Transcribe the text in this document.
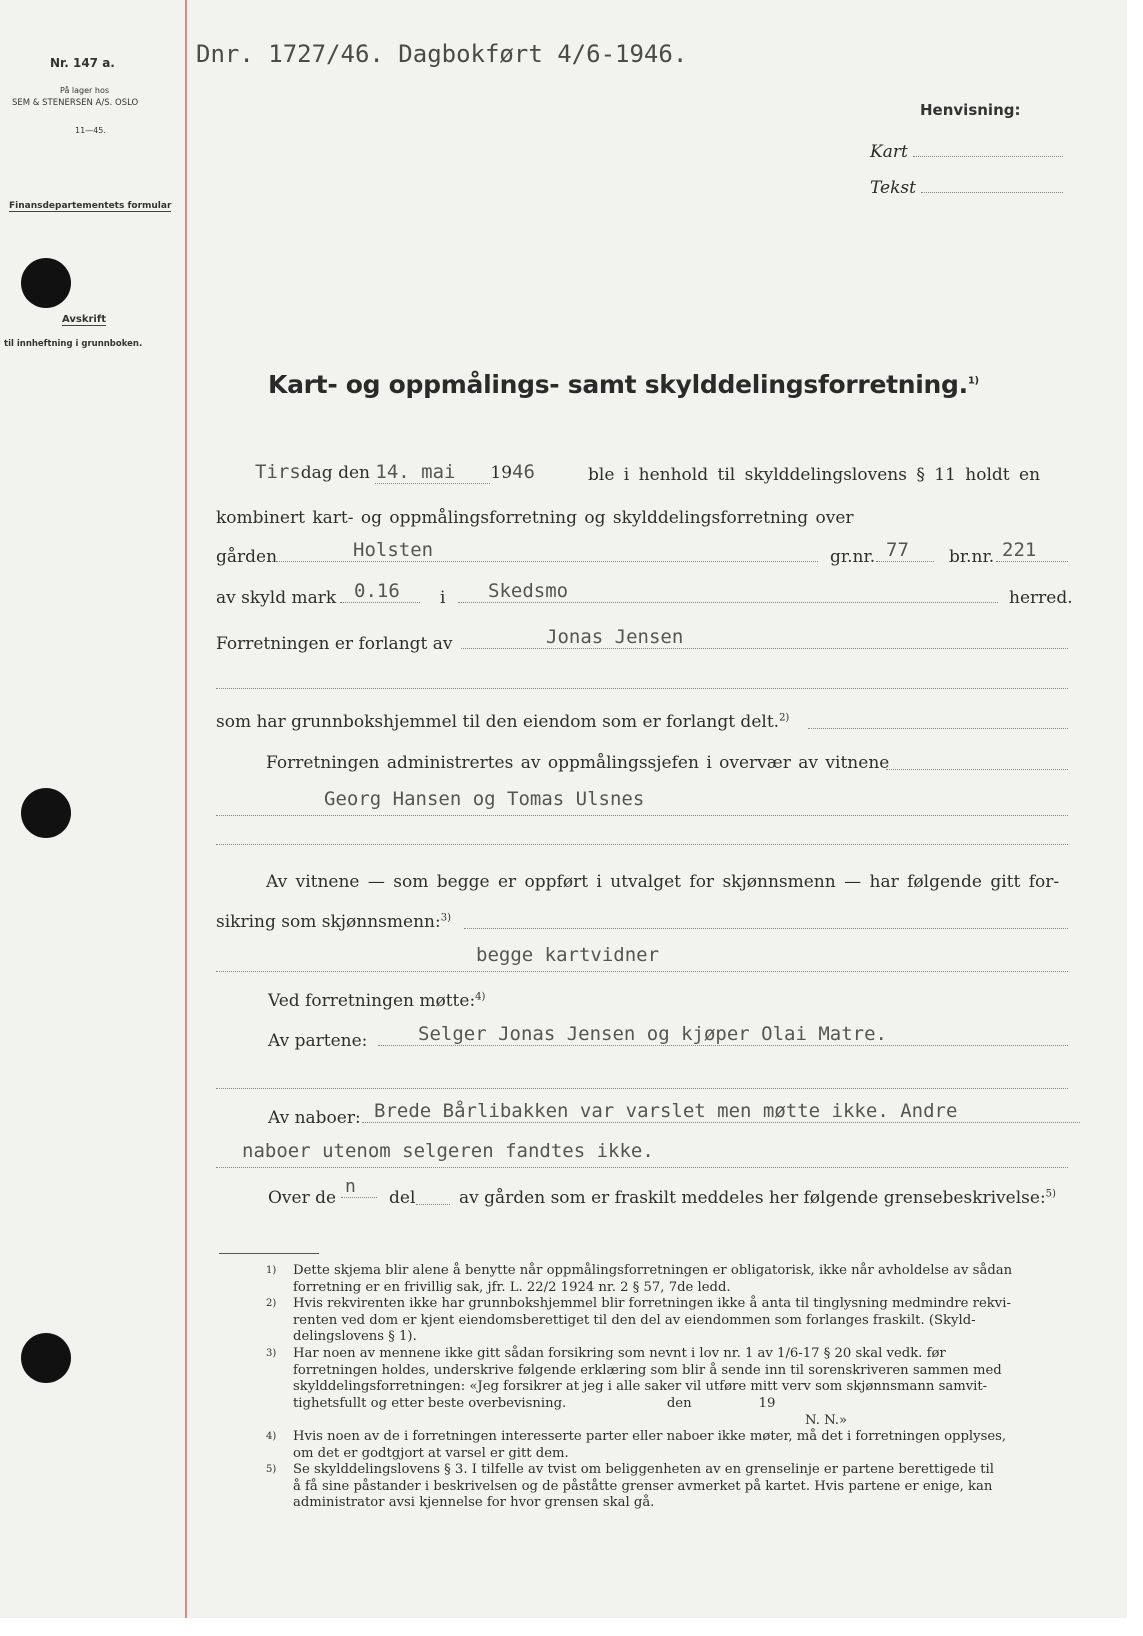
Nr. 147 a.
På lager hos
SEM & STENERSEN A/S. OSLO
11—45.
Finansdepartementets formular
Avskrift
til innheftning i grunnboken.
Dnr. 1727/46. Dagbokført 4/6-1946.
Henvisning:
Kart
Tekst
Kart- og oppmålings- samt skylddelingsforretning.$^{1)}$
Tirsdag den 14. mai 1946	ble i henhold til skylddelingslovens § 11 holdt en
kombinert kart- og oppmålingsforretning og skylddelingsforretning over
gården	Holsten	gr.nr. 77	br.nr. 221
av skyld mark 0.16	i	Skedsmo	herred.
Forretningen er forlangt av	Jonas Jensen
som har grunnbokshjemmel til den eiendom som er forlangt delt.$^{2)}$
Forretningen administrertes av oppmålingssjefen i overvær av vitnene
Georg Hansen og Tomas Ulsnes
Av vitnene — som begge er oppført i utvalget for skjønnsmenn — har følgende gitt for-
sikring som skjønnsmenn:$^{3)}$
begge kartvidner
Ved forretningen møtte:$^{4)}$
Av partene:	Selger Jonas Jensen og kjøper Olai Matre.
Av naboer: Brede Bårlibakken var varslet men møtte ikke. Andre
naboer utenom selgeren fandtes ikke.
Over de
n
del	av gården som er fraskilt meddeles her følgende grensebeskrivelse:$^{5)}$
1) Dette skjema blir alene å benytte når oppmålingsforretningen er obligatorisk, ikke når avholdelse av sådan
forretning er en frivillig sak, jfr. L. 22/2 1924 nr. 2 § 57, 7de ledd.
2) Hvis rekvirenten ikke har grunnbokshjemmel blir forretningen ikke å anta til tinglysning medmindre rekvi-
renten ved dom er kjent eiendomsberettiget til den del av eiendommen som forlanges fraskilt. (Skyld-
delingslovens § 1).
3) Har noen av mennene ikke gitt sådan forsikring som nevnt i lov nr. 1 av 1/6-17 § 20 skal vedk. før
forretningen holdes, underskrive følgende erklæring som blir å sende inn til sorenskriveren sammen med
skylddelingsforretningen: «Jeg forsikrer at jeg i alle saker vil utføre mitt verv som skjønnsmann samvit-
tighetsfullt og etter beste overbevisning.                        den                19
N. N.»
4) Hvis noen av de i forretningen interesserte parter eller naboer ikke møter, må det i forretningen opplyses,
om det er godtgjort at varsel er gitt dem.
5) Se skylddelingslovens § 3. I tilfelle av tvist om beliggenheten av en grenselinje er partene berettigede til
å få sine påstander i beskrivelsen og de påståtte grenser avmerket på kartet. Hvis partene er enige, kan
administrator avsi kjennelse for hvor grensen skal gå.
